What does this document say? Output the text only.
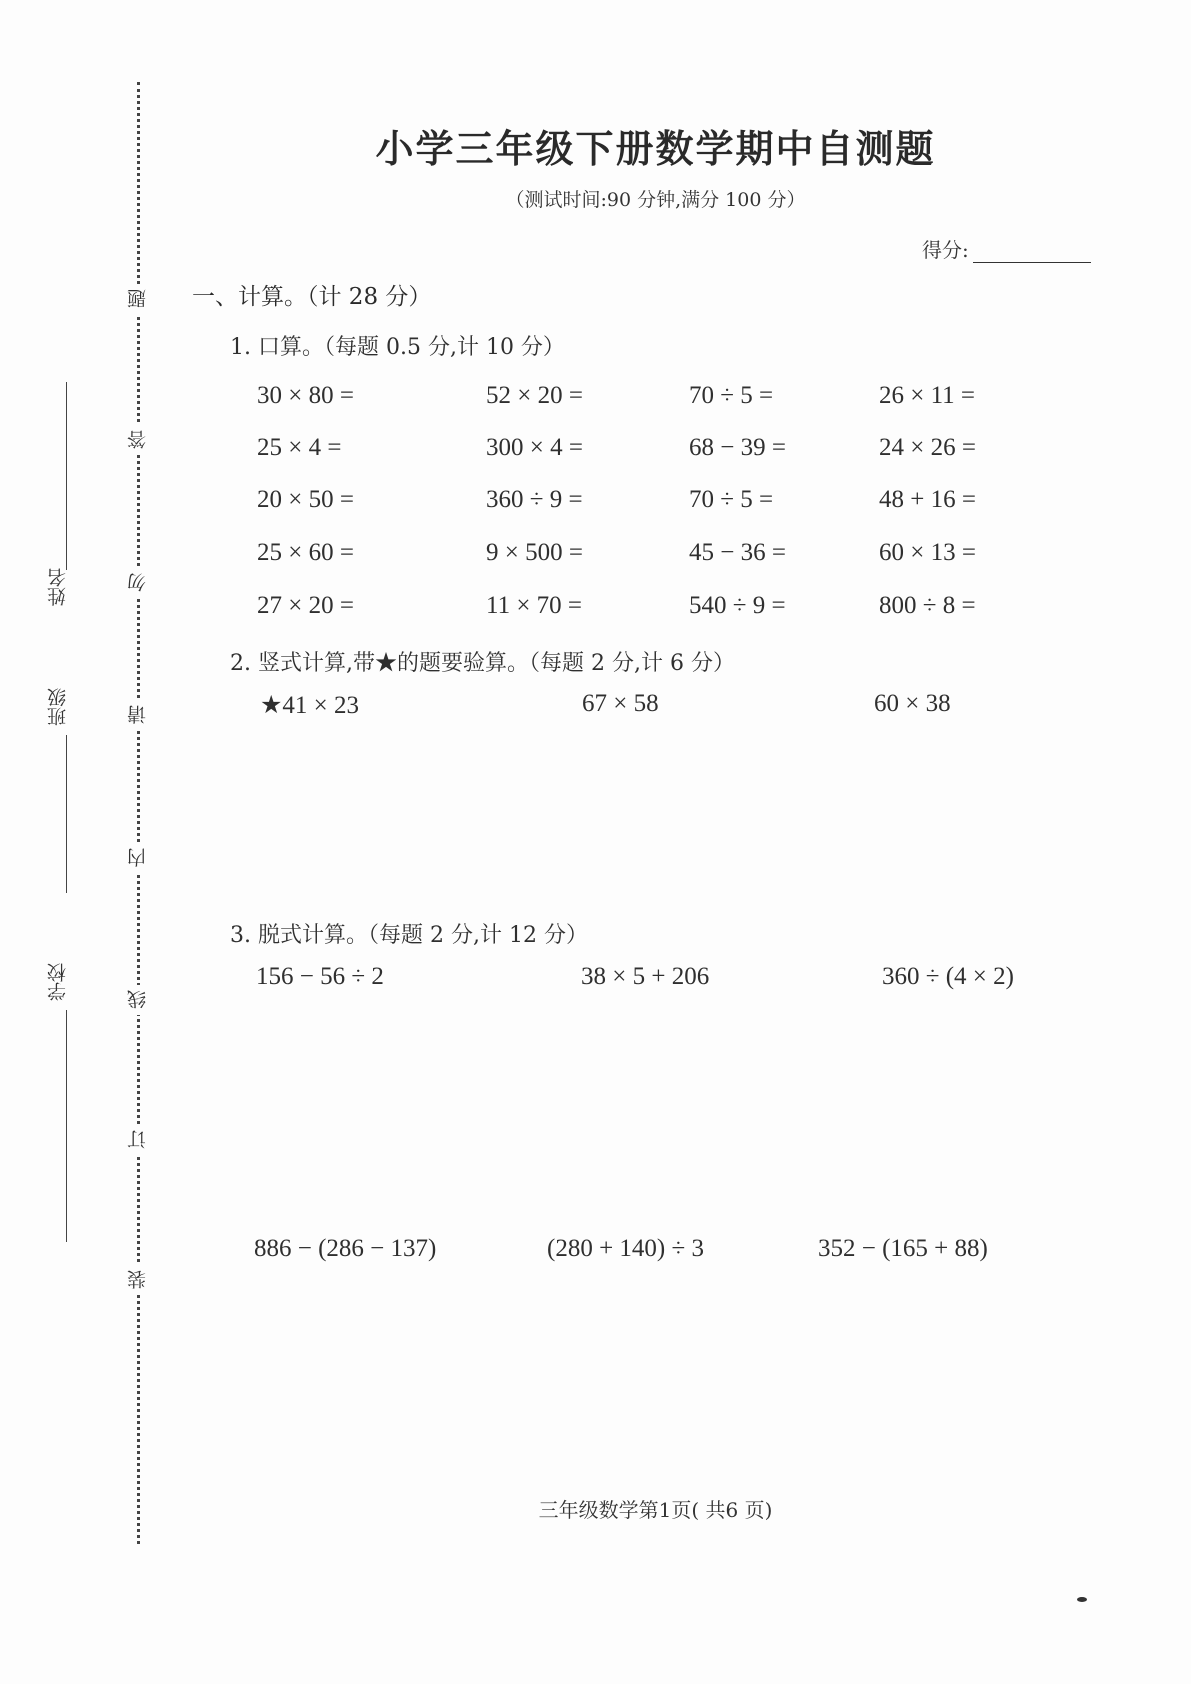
题
答
勿
请
内
线
订
装
姓名
班级
学校
小学三年级下册数学期中自测题
（测试时间:90 分钟,满分 100 分）
得分:
一、计算。（计 28 分）
1. 口算。（每题 0.5 分,计 10 分）
30 × 80 =	52 × 20 =	70 ÷ 5 =	26 × 11 =
25 × 4 =	300 × 4 =	68 − 39 =	24 × 26 =
20 × 50 =	360 ÷ 9 =	70 ÷ 5 =	48 + 16 =
25 × 60 =	9 × 500 =	45 − 36 =	60 × 13 =
27 × 20 =	11 × 70 =	540 ÷ 9 =	800 ÷ 8 =
2. 竖式计算,带★的题要验算。（每题 2 分,计 6 分）
★41 × 23	67 × 58	60 × 38
3. 脱式计算。（每题 2 分,计 12 分）
156 − 56 ÷ 2	38 × 5 + 206	360 ÷ (4 × 2)
886 − (286 − 137)	(280 + 140) ÷ 3	352 − (165 + 88)
三年级数学第1页( 共6 页)
